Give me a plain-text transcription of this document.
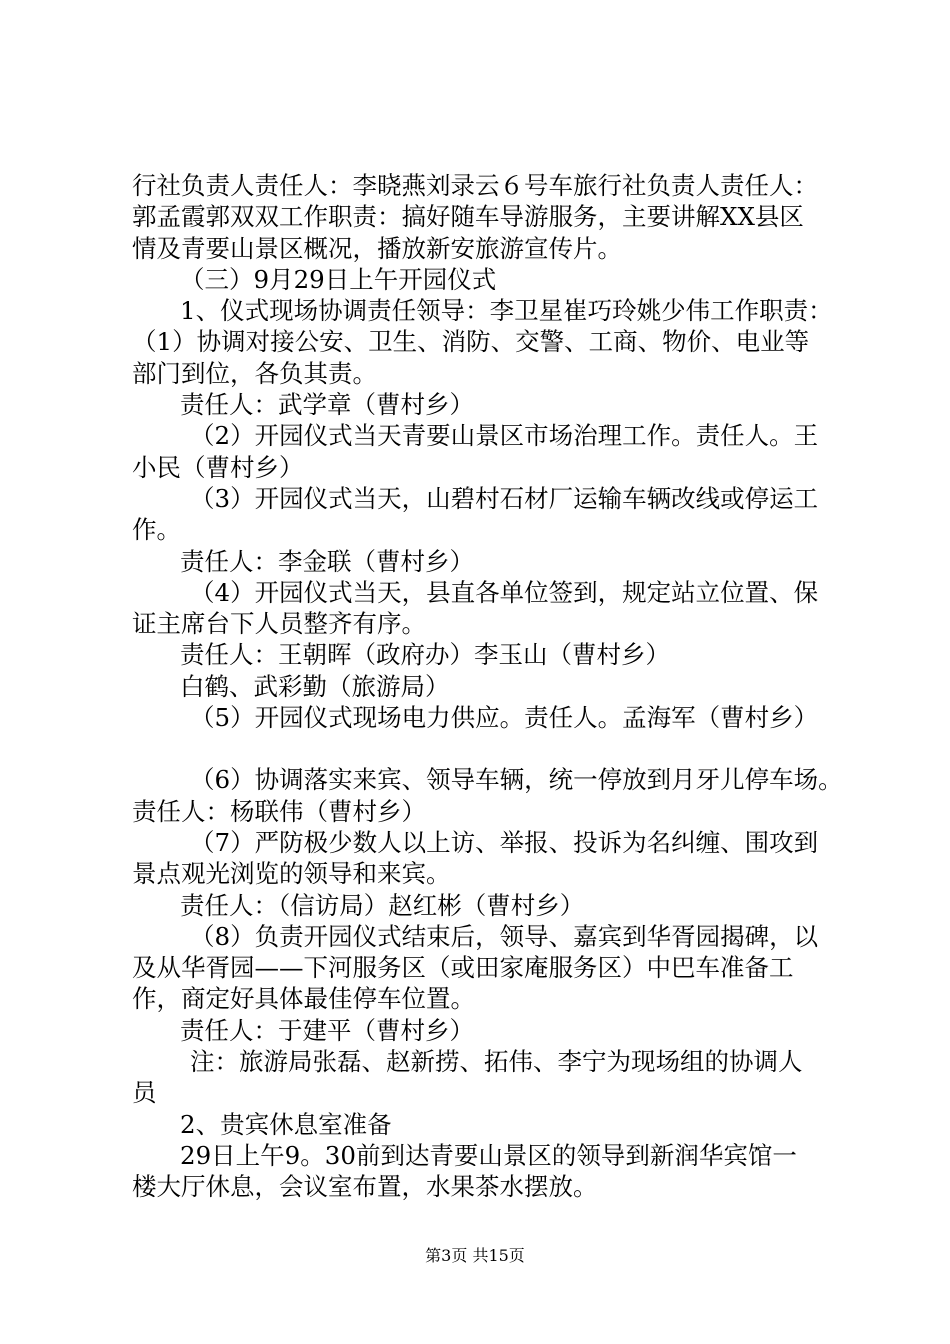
行社负责人责任人：李晓燕刘录云６号车旅行社负责人责任人：

郭孟霞郭双双工作职责：搞好随车导游服务，主要讲解XX县区

情及青要山景区概况，播放新安旅游宣传片。

（三）9月29日上午开园仪式

1、仪式现场协调责任领导：李卫星崔巧玲姚少伟工作职责：

（1）协调对接公安、卫生、消防、交警、工商、物价、电业等

部门到位，各负其责。

责任人：武学章（曹村乡）

（2）开园仪式当天青要山景区市场治理工作。责任人。王

小民（曹村乡）

（3）开园仪式当天，山碧村石材厂运输车辆改线或停运工

作。

责任人：李金联（曹村乡）

（4）开园仪式当天，县直各单位签到，规定站立位置、保

证主席台下人员整齐有序。

责任人：王朝晖（政府办）李玉山（曹村乡）

白鹤、武彩勤（旅游局）

（5）开园仪式现场电力供应。责任人。孟海军（曹村乡）

（6）协调落实来宾、领导车辆，统一停放到月牙儿停车场。

责任人：杨联伟（曹村乡）

（7）严防极少数人以上访、举报、投诉为名纠缠、围攻到

景点观光浏览的领导和来宾。

责任人：（信访局）赵红彬（曹村乡）

（8）负责开园仪式结束后，领导、嘉宾到华胥园揭碑，以

及从华胥园——下河服务区（或田家庵服务区）中巴车准备工

作，商定好具体最佳停车位置。

责任人：于建平（曹村乡）

注：旅游局张磊、赵新捞、拓伟、李宁为现场组的协调人

员

2、贵宾休息室准备

29日上午9。30前到达青要山景区的领导到新润华宾馆一

楼大厅休息，会议室布置，水果茶水摆放。

第3页 共15页
